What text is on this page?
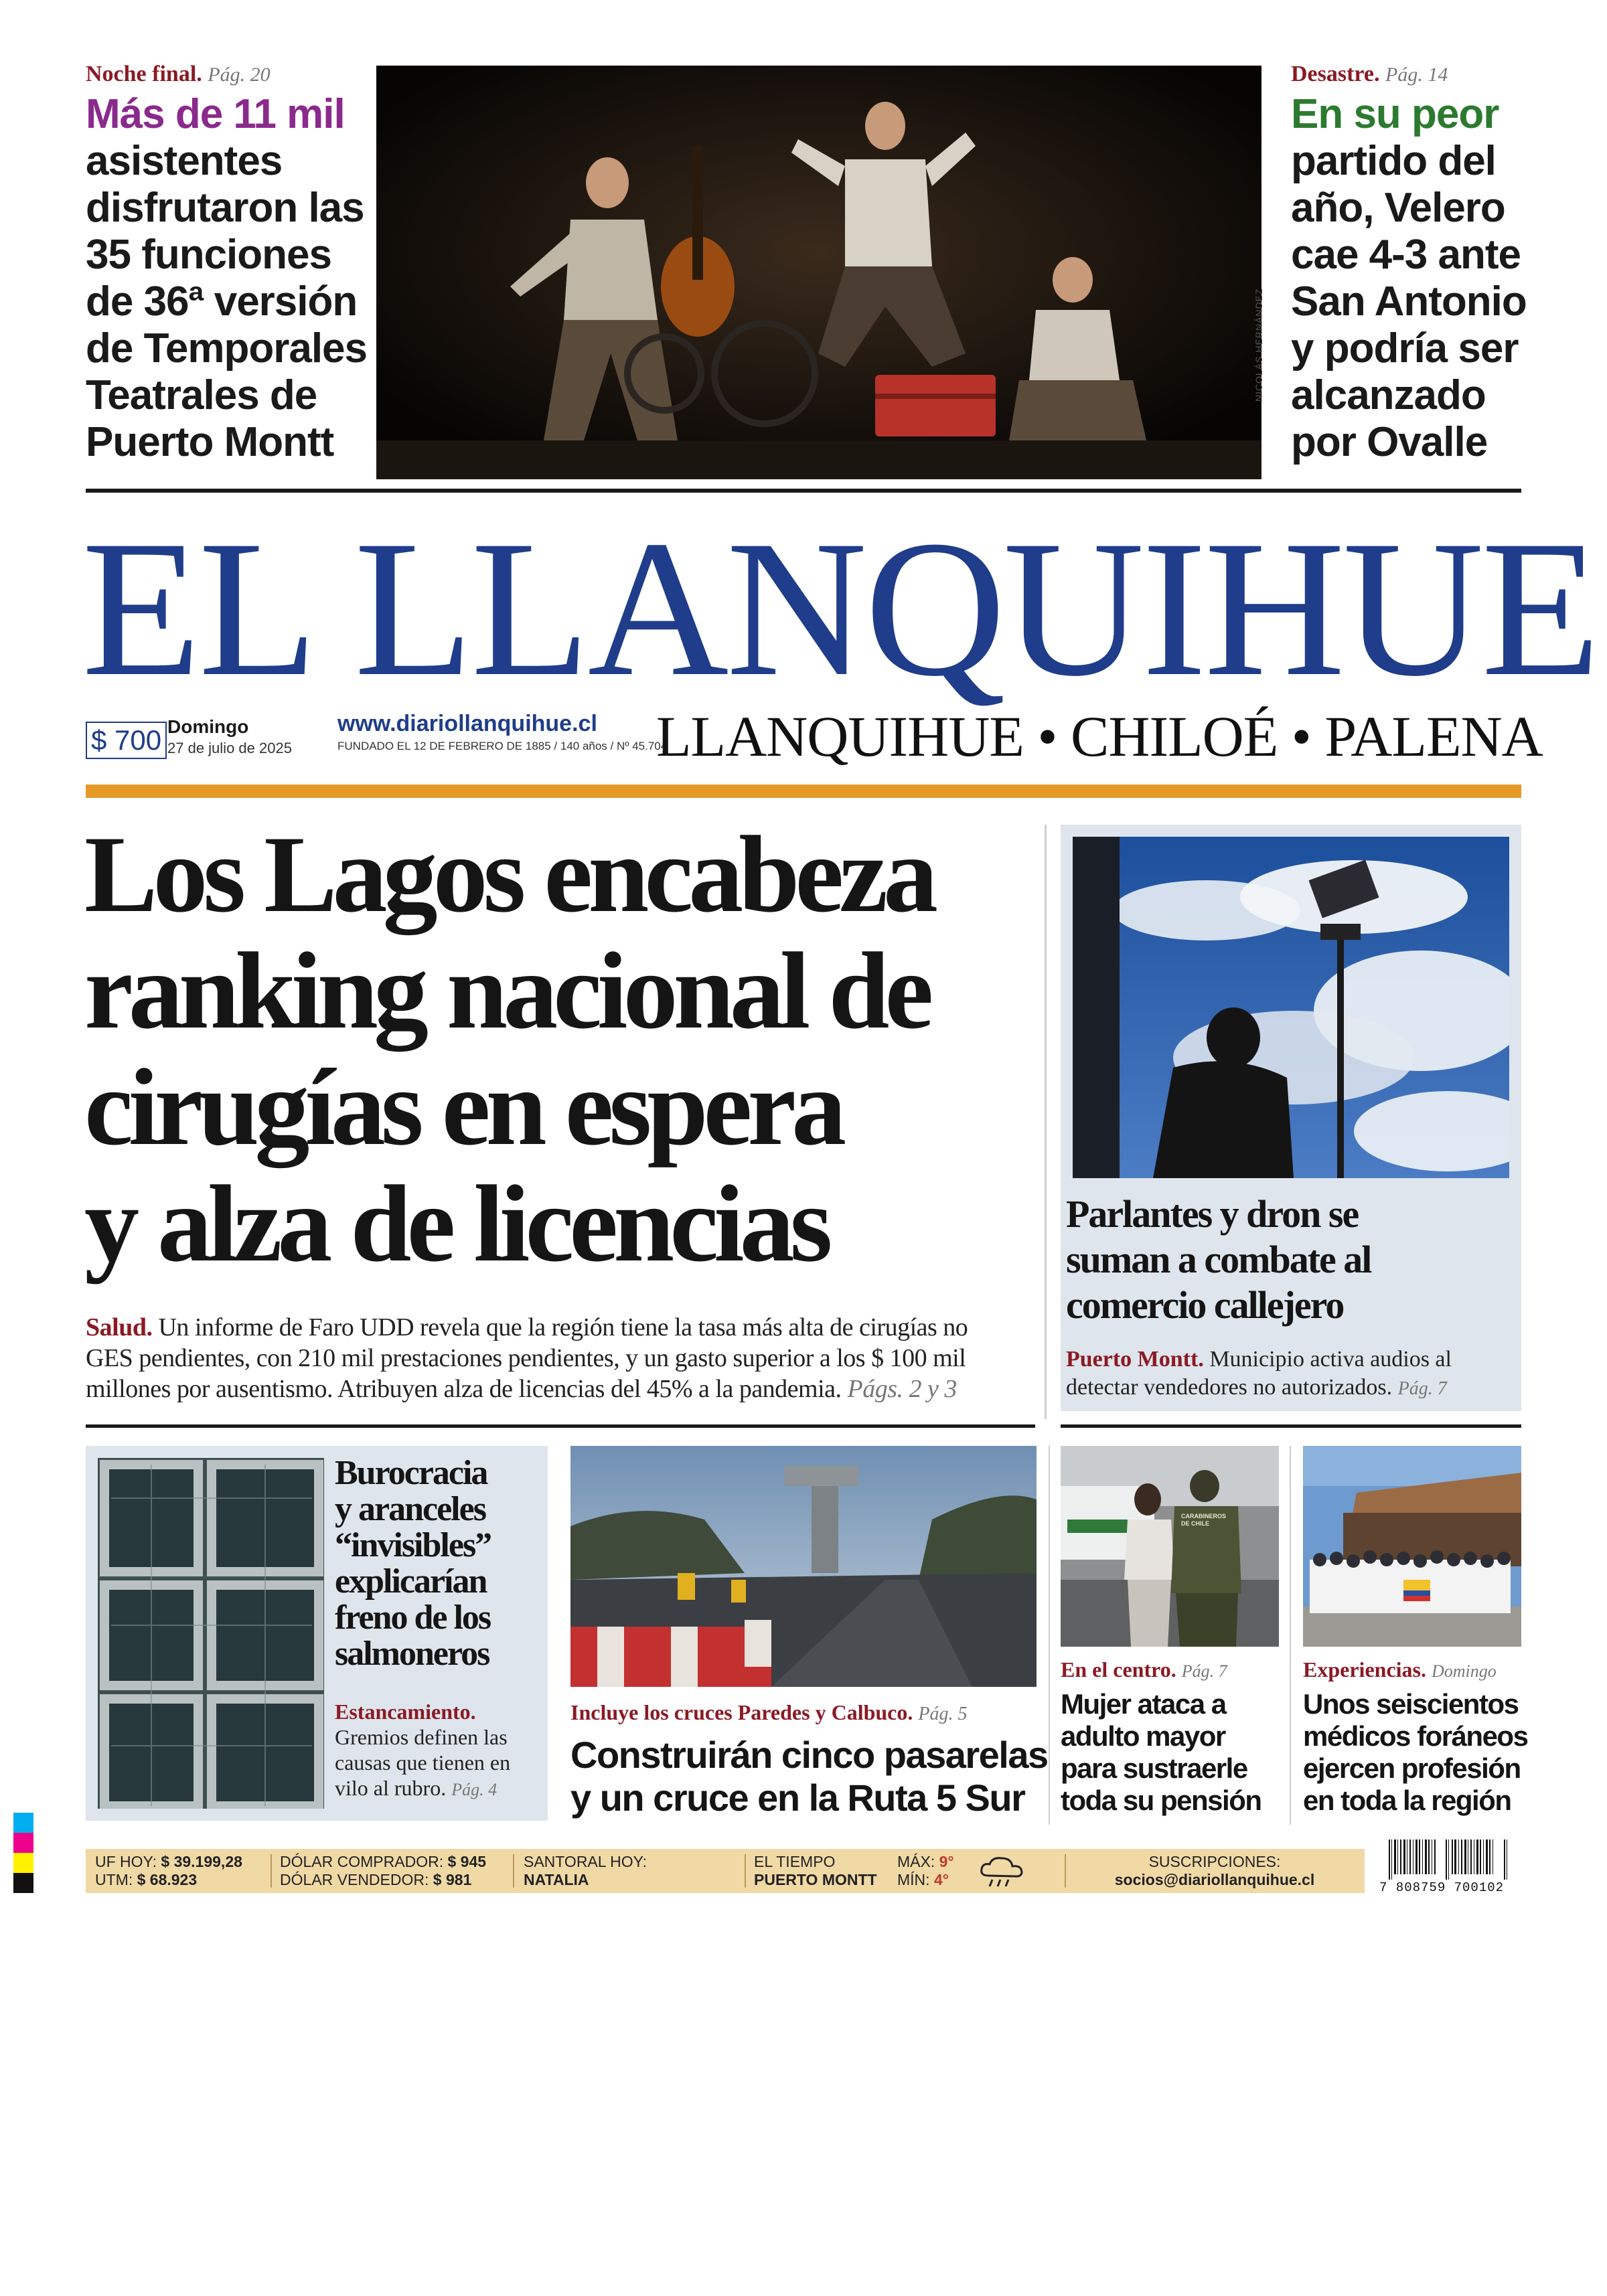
Noche final. Pág. 20
Más de 11 mil
asistentes
disfrutaron las
35 funciones
de 36ª versión
de Temporales
Teatrales de
Puerto Montt
NICOLÁS HERNÁNDEZ
Desastre. Pág. 14
En su peor
partido del
año, Velero
cae 4-3 ante
San Antonio
y podría ser
alcanzado
por Ovalle
EL LLANQUIHUE
$ 700 Domingo
27 de julio de 2025
www.diariollanquihue.cl
FUNDADO EL 12 DE FEBRERO DE 1885 / 140 años / Nº 45.704
LLANQUIHUE • CHILOÉ • PALENA
Los Lagos encabeza
ranking nacional de
cirugías en espera
y alza de licencias
Salud. Un informe de Faro UDD revela que la región tiene la tasa más alta de cirugías no
GES pendientes, con 210 mil prestaciones pendientes, y un gasto superior a los $ 100 mil
millones por ausentismo. Atribuyen alza de licencias del 45% a la pandemia. Págs. 2 y 3
Parlantes y dron se
suman a combate al
comercio callejero
Puerto Montt. Municipio activa audios al
detectar vendedores no autorizados. Pág. 7
Burocracia
y aranceles
“invisibles”
explicarían
freno de los
salmoneros
Estancamiento.
Gremios definen las
causas que tienen en
vilo al rubro. Pág. 4
Incluye los cruces Paredes y Calbuco. Pág. 5
Construirán cinco pasarelas
y un cruce en la Ruta 5 Sur
CARABINEROS DE CHILE
En el centro. Pág. 7
Mujer ataca a
adulto mayor
para sustraerle
toda su pensión
Experiencias. Domingo
Unos seiscientos
médicos foráneos
ejercen profesión
en toda la región
UF HOY: $ 39.199,28
UTM: $ 68.923
DÓLAR COMPRADOR: $ 945
DÓLAR VENDEDOR: $ 981
SANTORAL HOY:
NATALIA
EL TIEMPO
PUERTO MONTT
MÁX: 9°
MÍN: 4°
SUSCRIPCIONES:
socios@diariollanquihue.cl	7 808759 700102
